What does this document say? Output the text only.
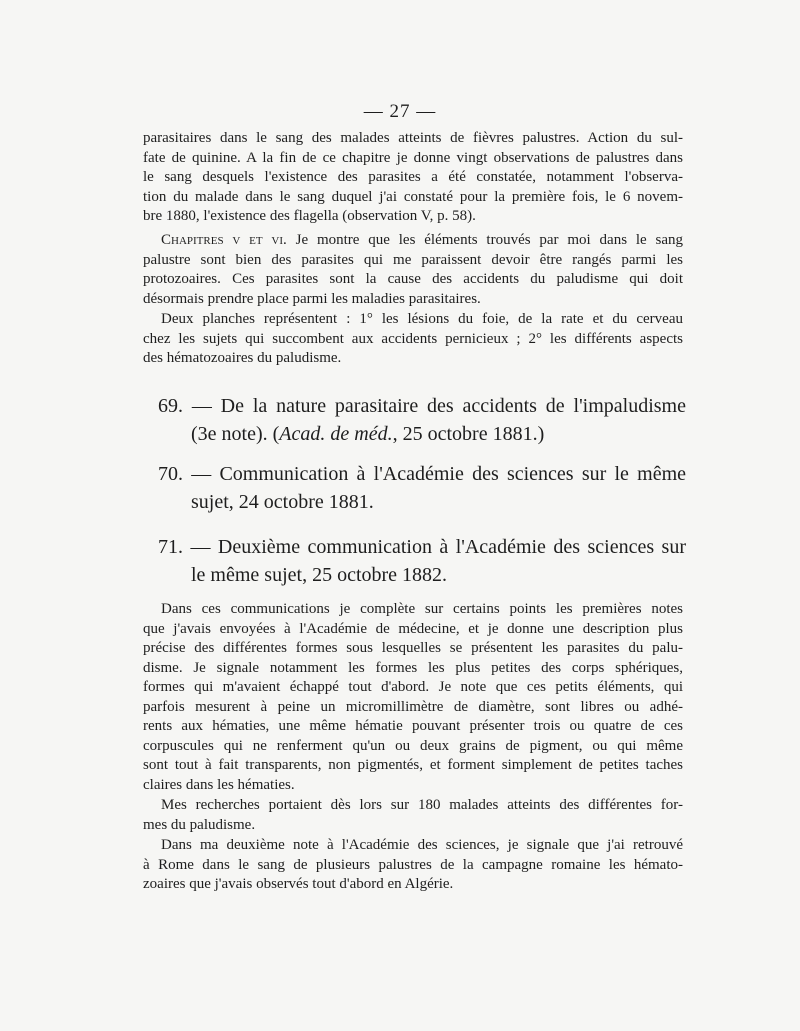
— 27 —
parasitaires dans le sang des malades atteints de fièvres palustres. Action du sul-
fate de quinine. A la fin de ce chapitre je donne vingt observations de palustres dans
le sang desquels l'existence des parasites a été constatée, notamment l'observa-
tion du malade dans le sang duquel j'ai constaté pour la première fois, le 6 novem-
bre 1880, l'existence des flagella (observation V, p. 58).
Chapitres v et vi. Je montre que les éléments trouvés par moi dans le sang
palustre sont bien des parasites qui me paraissent devoir être rangés parmi les
protozoaires. Ces parasites sont la cause des accidents du paludisme qui doit
désormais prendre place parmi les maladies parasitaires.
Deux planches représentent : 1° les lésions du foie, de la rate et du cerveau
chez les sujets qui succombent aux accidents pernicieux ; 2° les différents aspects
des hématozoaires du paludisme.
69. — De la nature parasitaire des accidents de l'impaludisme
(3e note). (Acad. de méd., 25 octobre 1881.)
70. — Communication à l'Académie des sciences sur le même
sujet, 24 octobre 1881.
71. — Deuxième communication à l'Académie des sciences sur
le même sujet, 25 octobre 1882.
Dans ces communications je complète sur certains points les premières notes
que j'avais envoyées à l'Académie de médecine, et je donne une description plus
précise des différentes formes sous lesquelles se présentent les parasites du palu-
disme. Je signale notamment les formes les plus petites des corps sphériques,
formes qui m'avaient échappé tout d'abord. Je note que ces petits éléments, qui
parfois mesurent à peine un micromillimètre de diamètre, sont libres ou adhé-
rents aux hématies, une même hématie pouvant présenter trois ou quatre de ces
corpuscules qui ne renferment qu'un ou deux grains de pigment, ou qui même
sont tout à fait transparents, non pigmentés, et forment simplement de petites taches
claires dans les hématies.
Mes recherches portaient dès lors sur 180 malades atteints des différentes for-
mes du paludisme.
Dans ma deuxième note à l'Académie des sciences, je signale que j'ai retrouvé
à Rome dans le sang de plusieurs palustres de la campagne romaine les hémato-
zoaires que j'avais observés tout d'abord en Algérie.
